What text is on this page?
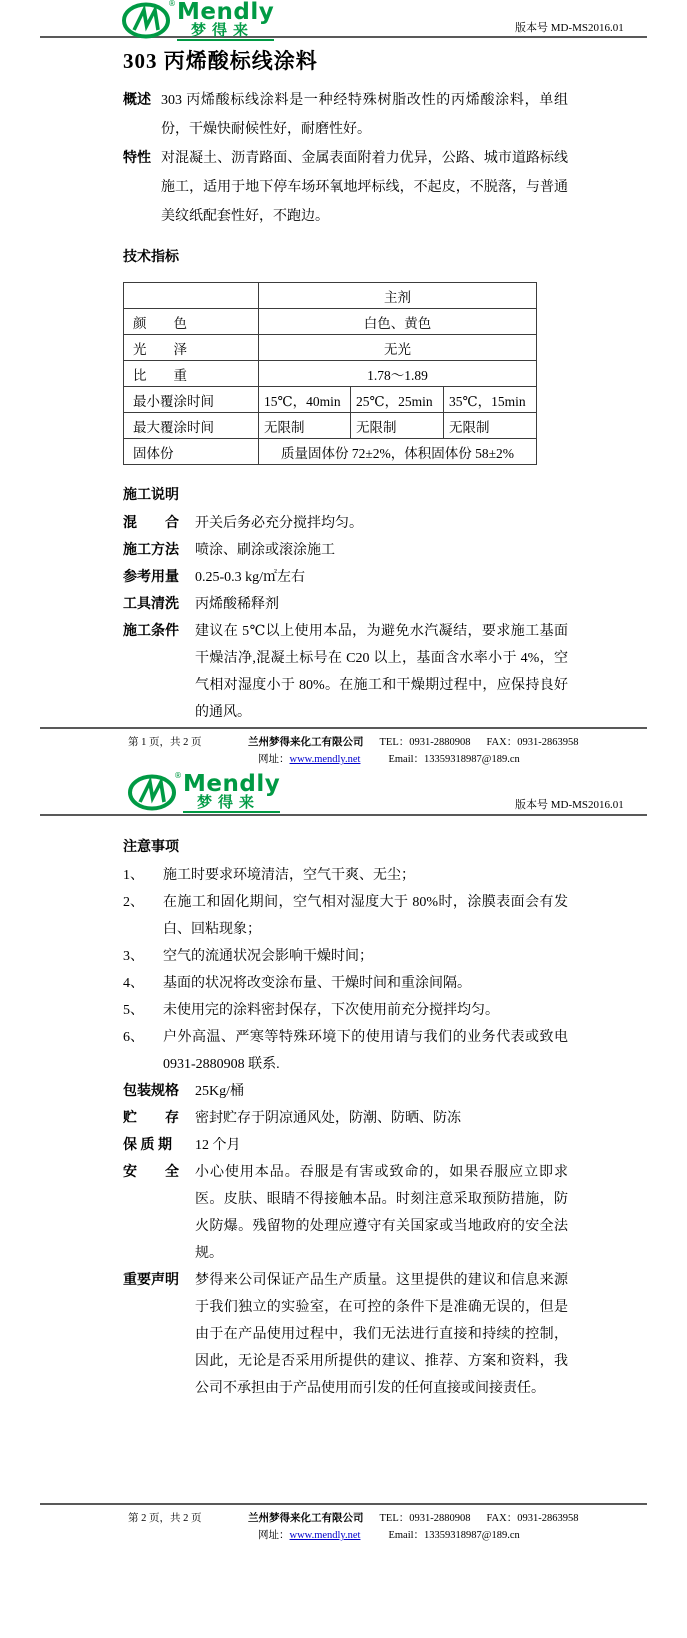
® Mendly
梦得来	版本号 MD-MS2016.01
303 丙烯酸标线涂料
概述 303 丙烯酸标线涂料是一种经特殊树脂改性的丙烯酸涂料，单组份，干燥快耐候性好，耐磨性好。
特性 对混凝土、沥青路面、金属表面附着力优异，公路、城市道路标线施工，适用于地下停车场环氧地坪标线，不起皮，不脱落，与普通美纹纸配套性好，不跑边。
技术指标
	主剂		
颜　　色	白色、黄色		
光　　泽	无光		
比　　重	1.78～1.89		
最小覆涂时间	15℃，40min	25℃，25min	35℃，15min
最大覆涂时间	无限制	无限制	无限制
固体份	质量固体份 72±2%，体积固体份 58±2%		
施工说明
混　　合	开关后务必充分搅拌均匀。
施工方法	喷涂、刷涂或滚涂施工
参考用量	0.25-0.3 kg/㎡左右
工具清洗	丙烯酸稀释剂
施工条件	建议在 5℃以上使用本品，为避免水汽凝结，要求施工基面干燥洁净,混凝土标号在 C20 以上，基面含水率小于 4%，空气相对湿度小于 80%。在施工和干燥期过程中，应保持良好的通风。
第 1 页，共 2 页	兰州梦得来化工有限公司 TEL：0931-2880908 FAX：0931-2863958
网址：www.mendly.net	Email：13359318987@189.cn
® Mendly
梦得来	版本号 MD-MS2016.01
注意事项
1、	施工时要求环境清洁，空气干爽、无尘；
2、	在施工和固化期间，空气相对湿度大于 80%时，涂膜表面会有发白、回粘现象；
3、	空气的流通状况会影响干燥时间；
4、	基面的状况将改变涂布量、干燥时间和重涂间隔。
5、	未使用完的涂料密封保存，下次使用前充分搅拌均匀。
6、	户外高温、严寒等特殊环境下的使用请与我们的业务代表或致电 0931-2880908 联系.
包装规格	25Kg/桶
贮　　存	密封贮存于阴凉通风处，防潮、防晒、防冻
保 质 期	12 个月
安　　全	小心使用本品。吞服是有害或致命的，如果吞服应立即求医。皮肤、眼睛不得接触本品。时刻注意采取预防措施，防火防爆。残留物的处理应遵守有关国家或当地政府的安全法规。
重要声明	梦得来公司保证产品生产质量。这里提供的建议和信息来源于我们独立的实验室，在可控的条件下是准确无误的，但是由于在产品使用过程中，我们无法进行直接和持续的控制，因此，无论是否采用所提供的建议、推荐、方案和资料，我公司不承担由于产品使用而引发的任何直接或间接责任。
第 2 页，共 2 页	兰州梦得来化工有限公司 TEL：0931-2880908 FAX：0931-2863958
网址：www.mendly.net	Email：13359318987@189.cn
